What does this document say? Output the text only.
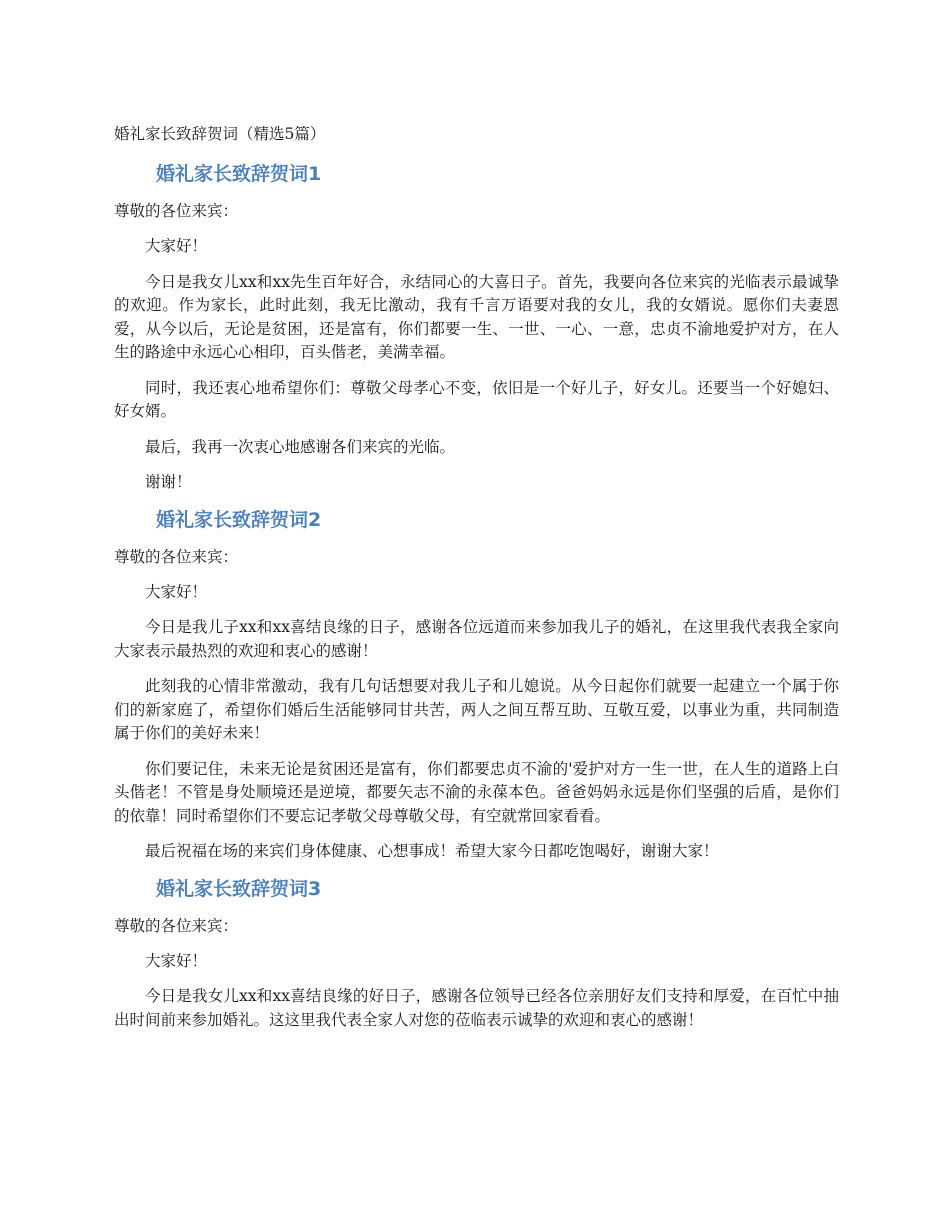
婚礼家长致辞贺词（精选5篇）

婚礼家长致辞贺词1

尊敬的各位来宾：

大家好！

今日是我女儿xx和xx先生百年好合，永结同心的大喜日子。首先，我要向各位来宾的光临表示最诚挚的欢迎。作为家长，此时此刻，我无比激动，我有千言万语要对我的女儿，我的女婿说。愿你们夫妻恩爱，从今以后，无论是贫困，还是富有，你们都要一生、一世、一心、一意，忠贞不渝地爱护对方，在人生的路途中永远心心相印，百头偕老，美满幸福。

同时，我还衷心地希望你们：尊敬父母孝心不变，依旧是一个好儿子，好女儿。还要当一个好媳妇、好女婿。

最后，我再一次衷心地感谢各们来宾的光临。

谢谢！

婚礼家长致辞贺词2

尊敬的各位来宾：

大家好！

今日是我儿子xx和xx喜结良缘的日子，感谢各位远道而来参加我儿子的婚礼，在这里我代表我全家向大家表示最热烈的欢迎和衷心的感谢！

此刻我的心情非常激动，我有几句话想要对我儿子和儿媳说。从今日起你们就要一起建立一个属于你们的新家庭了，希望你们婚后生活能够同甘共苦，两人之间互帮互助、互敬互爱，以事业为重，共同制造属于你们的美好未来！

你们要记住，未来无论是贫困还是富有，你们都要忠贞不渝的'爱护对方一生一世，在人生的道路上白头偕老！不管是身处顺境还是逆境，都要矢志不渝的永葆本色。爸爸妈妈永远是你们坚强的后盾，是你们的依靠！同时希望你们不要忘记孝敬父母尊敬父母，有空就常回家看看。

最后祝福在场的来宾们身体健康、心想事成！希望大家今日都吃饱喝好，谢谢大家！

婚礼家长致辞贺词3

尊敬的各位来宾：

大家好！

今日是我女儿xx和xx喜结良缘的好日子，感谢各位领导已经各位亲朋好友们支持和厚爱，在百忙中抽出时间前来参加婚礼。这这里我代表全家人对您的莅临表示诚挚的欢迎和衷心的感谢！
